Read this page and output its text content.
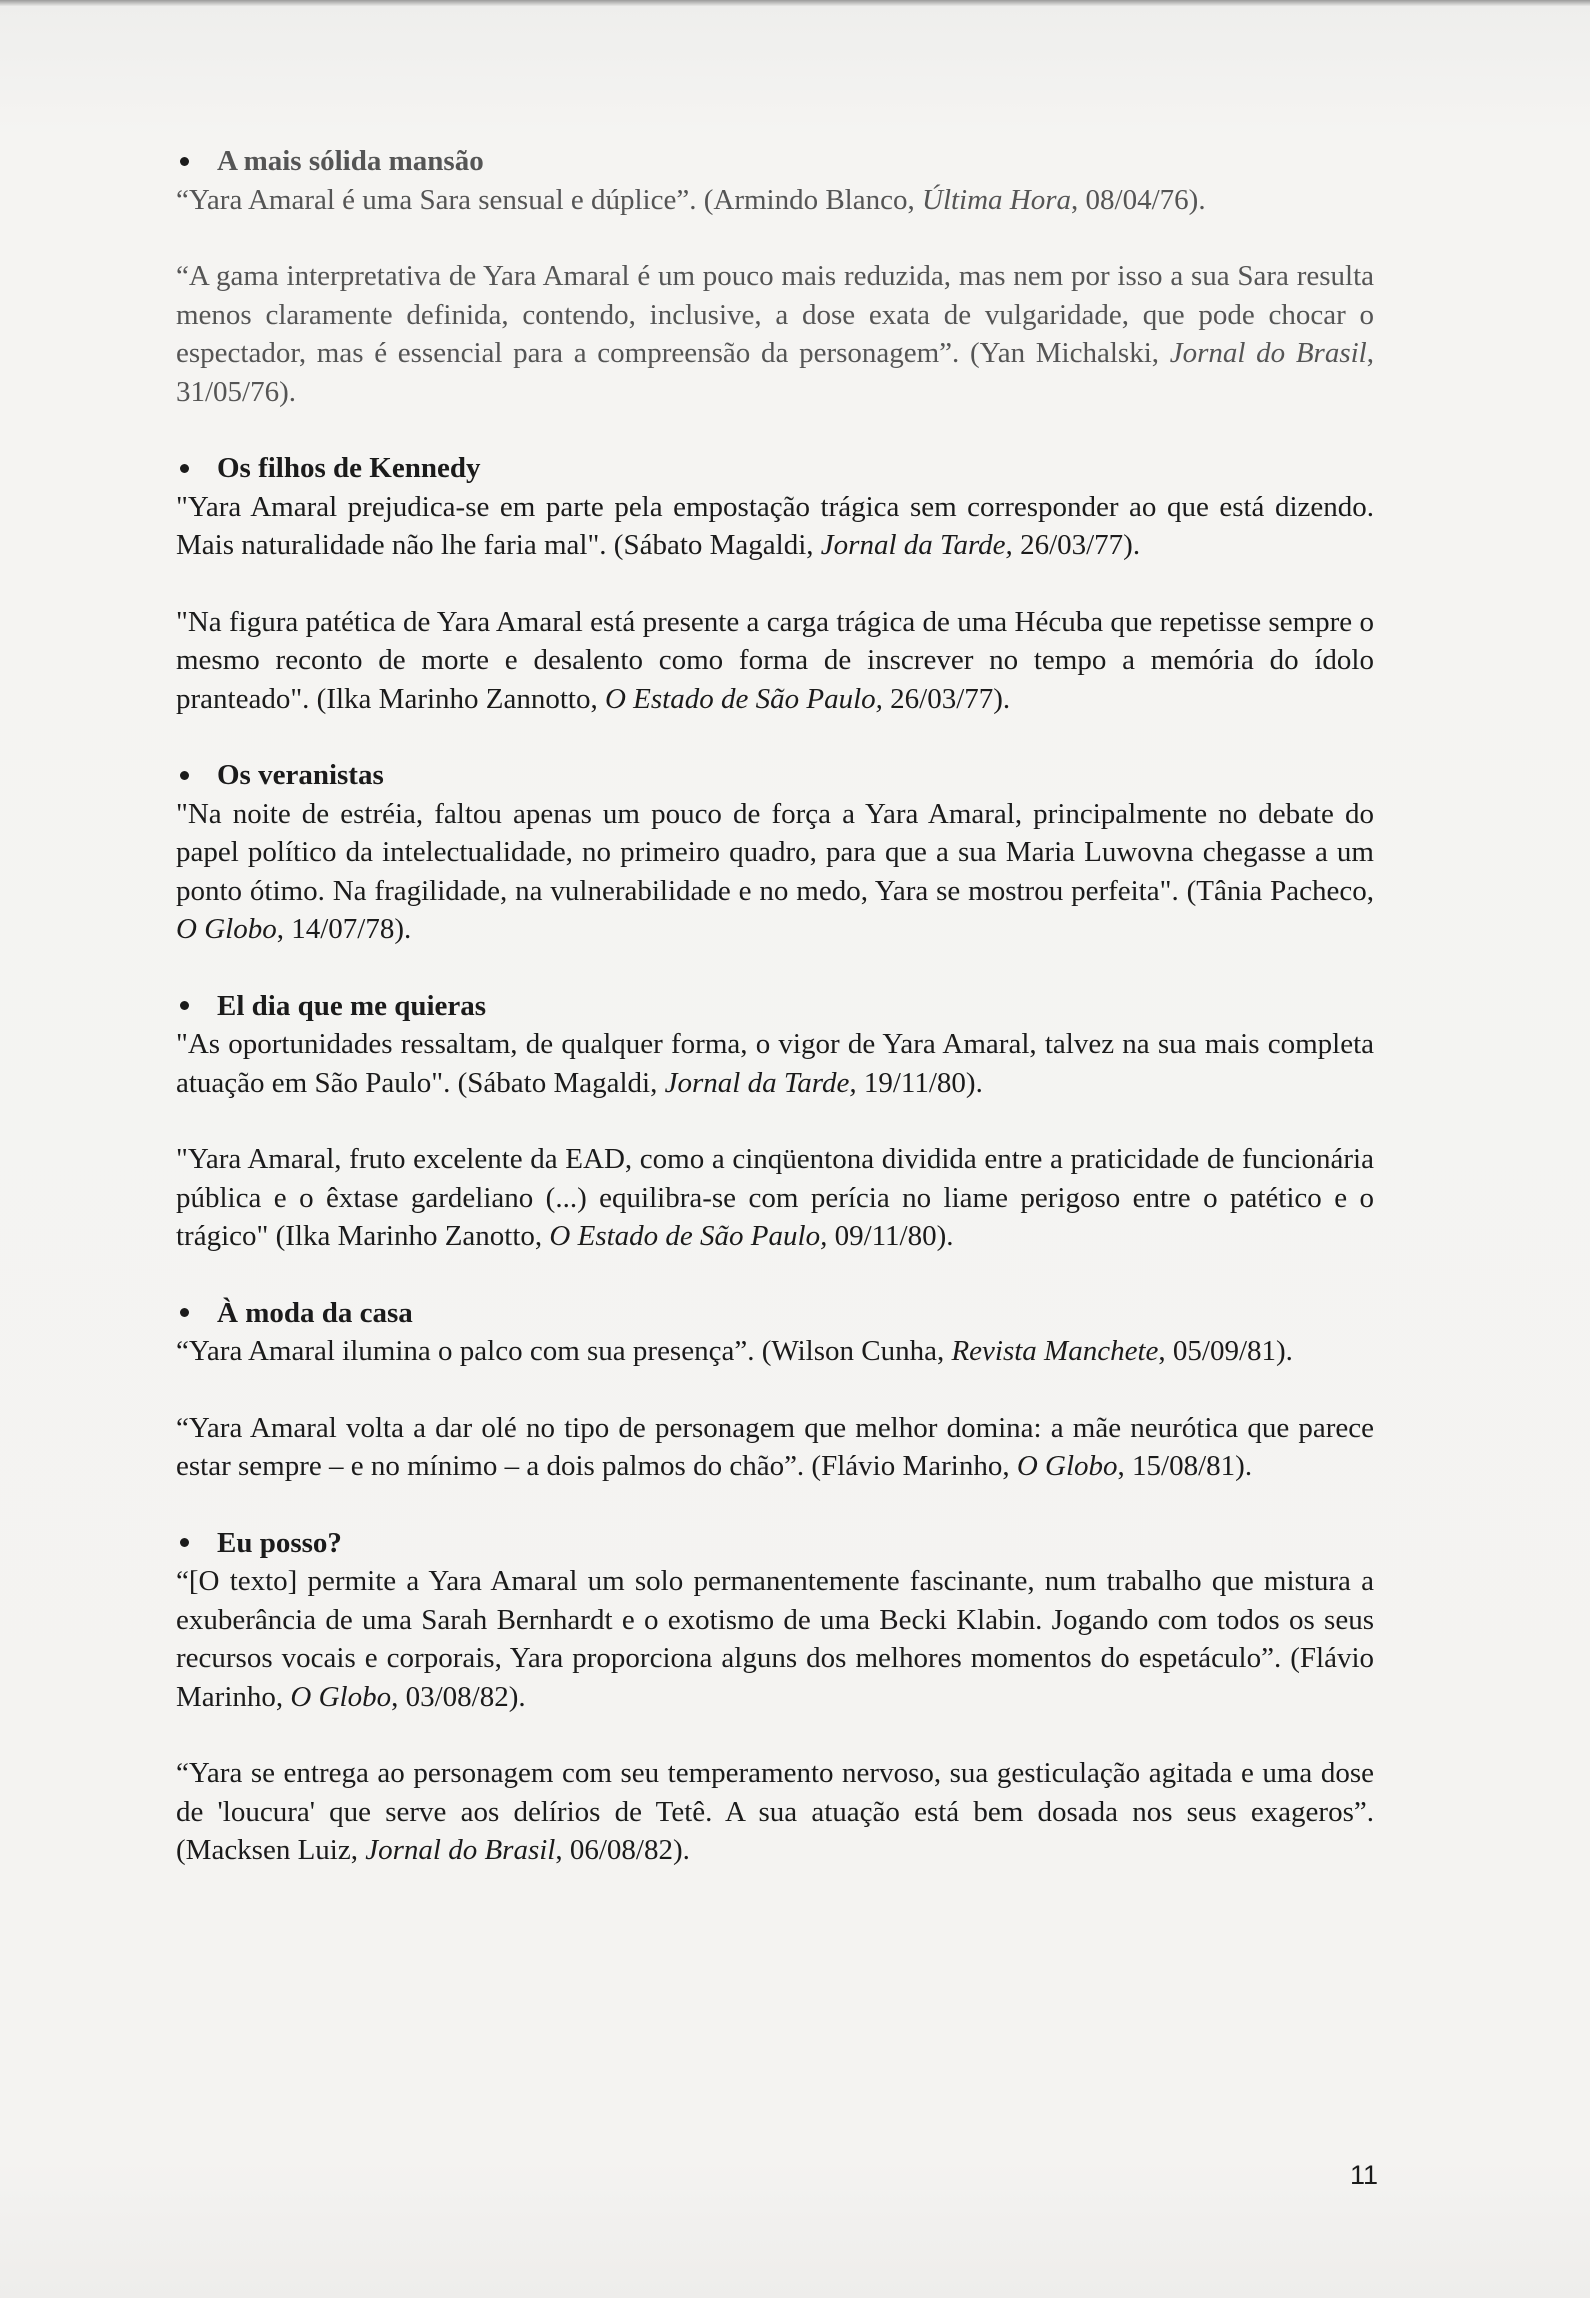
A mais sólida mansão

“Yara Amaral é uma Sara sensual e dúplice”. (Armindo Blanco, Última Hora, 08/04/76).

“A gama interpretativa de Yara Amaral é um pouco mais reduzida, mas nem por isso a sua Sara resulta menos claramente definida, contendo, inclusive, a dose exata de vulgaridade, que pode chocar o espectador, mas é essencial para a compreensão da personagem”. (Yan Michalski, Jornal do Brasil, 31/05/76).

Os filhos de Kennedy

"Yara Amaral prejudica-se em parte pela empostação trágica sem corresponder ao que está dizendo. Mais naturalidade não lhe faria mal". (Sábato Magaldi, Jornal da Tarde, 26/03/77).

"Na figura patética de Yara Amaral está presente a carga trágica de uma Hécuba que repetisse sempre o mesmo reconto de morte e desalento como forma de inscrever no tempo a memória do ídolo pranteado". (Ilka Marinho Zannotto, O Estado de São Paulo, 26/03/77).

Os veranistas

"Na noite de estréia, faltou apenas um pouco de força a Yara Amaral, principalmente no debate do papel político da intelectualidade, no primeiro quadro, para que a sua Maria Luwovna chegasse a um ponto ótimo. Na fragilidade, na vulnerabilidade e no medo, Yara se mostrou perfeita". (Tânia Pacheco, O Globo, 14/07/78).

El dia que me quieras

"As oportunidades ressaltam, de qualquer forma, o vigor de Yara Amaral, talvez na sua mais completa atuação em São Paulo". (Sábato Magaldi, Jornal da Tarde, 19/11/80).

"Yara Amaral, fruto excelente da EAD, como a cinqüentona dividida entre a praticidade de funcionária pública e o êxtase gardeliano (...) equilibra-se com perícia no liame perigoso entre o patético e o trágico" (Ilka Marinho Zanotto, O Estado de São Paulo, 09/11/80).

À moda da casa

“Yara Amaral ilumina o palco com sua presença”. (Wilson Cunha, Revista Manchete, 05/09/81).

“Yara Amaral volta a dar olé no tipo de personagem que melhor domina: a mãe neurótica que parece estar sempre – e no mínimo – a dois palmos do chão”. (Flávio Marinho, O Globo, 15/08/81).

Eu posso?

“[O texto] permite a Yara Amaral um solo permanentemente fascinante, num trabalho que mistura a exuberância de uma Sarah Bernhardt e o exotismo de uma Becki Klabin. Jogando com todos os seus recursos vocais e corporais, Yara proporciona alguns dos melhores momentos do espetáculo”. (Flávio Marinho, O Globo, 03/08/82).

“Yara se entrega ao personagem com seu temperamento nervoso, sua gesticulação agitada e uma dose de 'loucura' que serve aos delírios de Tetê. A sua atuação está bem dosada nos seus exageros”. (Macksen Luiz, Jornal do Brasil, 06/08/82).

11
